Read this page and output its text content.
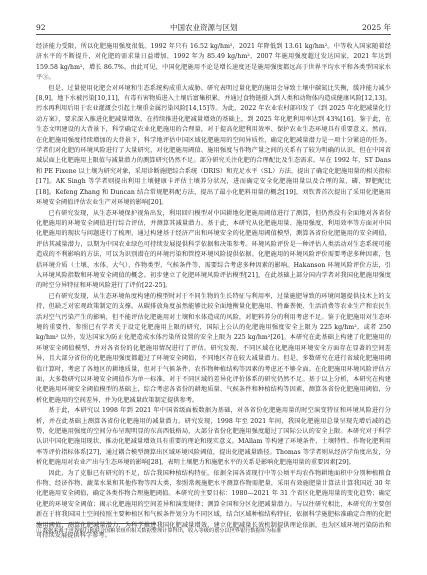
92	中国农业资源与区划	2025 年

经济能力受限，所以化肥施用强度很低。1992 年只有 16.52 kg/hm²，2021 年降低到 13.61 kg/hm²。中等收入国家随着经济水平的不断提升，对化肥的需求量日益增加，1992 年为 85.49 kg/hm²，2007 年施用强度超过发达国家，2021 年达到 159.58 kg/hm²，增长 86.7%。由此可见，中国化肥施用不论是增长速度还是施用强度都远高于世界平均水平和各类型国家水平③。

但是，过量使用化肥会对环境和生态系统构成重大威胁。研究表明过量化肥的施用会导致土壤中碳氮比失衡，缓冲能力减少[8,9]，地下水被污染[10,11]，有毒有害物质进入土壤后富集积累，并通过食物链摄入到人类和动物体内造成健康风险[12,13]。污水再利用后用于农业灌溉会引起土壤重金属污染风险[14,15]等。为此，2022 年农业农村部印发了《到 2025 年化肥减量化行动方案》，要求深入推进化肥减量增效，在持续推进化肥减量增效的基础上，到 2025 年化肥利用率达到 43%[16]。鉴于此，在生态文明建设的大背景下，科学确定农业化肥施用的合理量，对于提高化肥利用效率、保护农业生态环境具有重要意义。然而，在化肥施用强度持续增加的大背景下，科学地评估中国区域化肥施用的空间异质性、确定化肥减量潜力是一项十分紧迫的任务。学者们对化肥的环境风险进行了大量研究，对化肥施用阈值、施用强度与作物产量之间的关系有了较为明确的认识，但在中国省域层面上化肥施用上限值与减量潜力的测算研究仍然不足。部分研究关注化肥的合理配比及生态需求。早在 1992 年，ST Dans 和 PE Fixene 以土壤为研究对象，采用诊断施肥综合系统（DRIS）和充足水平（SL）方法，提出了确定化肥施用量的相关指标[17]。AK Singh 等学者则提出利用土壤健康卡评估土壤养分状况，进而确定安全化肥施用量以及合理的氮、磷、钾肥配比[18]。Kefeng Zhang 和 Duncan 结合常规肥料配方法，提出了最小化肥料用量的概念[19]，刘钦普首次提出了采用化肥施用环境安全阈值评估农业生产对环境的影响[20]。

已有研究发现，从生态环境保护视角出发，利用回归模型对中国耕地化肥施用阈值进行了测算，但仍然没有全面地对各省份化肥施用的环境安全阈值进行综合评估，并测算其减量潜力。基于此，本研究从化肥施用量、施用强度、利用效率等方面对中国化肥施用的现状与问题进行了梳理，通过构建基于经济产出和环境安全的化肥施用阈值模型，测算各省份化肥施用的安全阈值，评估其减量潜力，以期为中国农业绿色可持续发展提供科学依据和决策参考。环境风险评价是一种评估人类活动对生态系统可能造成的不利影响的方法，可以为识别潜在的环境污染和管控环境风险提供依据。化肥施用的环境风险评价需要考虑多种因素，包括环境介质（土壤、水体、大气）、作物类型、气候条件等，需要综合考虑多种因素的影响。Hakanson 环境风险评价方法，引入环境风险指数和环境安全阈值的概念。初步建立了化肥环境风险评估模型[21]，在此基础上部分国内学者对我国化肥施用强度的时空分异特征和环境风险进行了评价[22-25]。

已有研究发现，从生态环境角度构建的模型时对于不同生物的生长特征与利用率，过量施肥导致的环境问题提供技术上的支持，但缺乏对宏观政策制定的支撑。从碳排放角度虽然能够比较全面地衡量化肥施用、牲畜粪便、生活消费等农业生产和农民生活对空气污染产生的影响，但不能评估化肥施用对土壤和水体造成的风险，对肥料养分的利用考虑不足。鉴于化肥施用对生态环境的重要性，参照已有学者关于设定化肥施用上限的研究，国际上公认的化肥施用强度安全上限为 225 kg/hm²，或者 250 kg/hm² 以外，发达国家为防止化肥造成水体污染所设置的安全上限为 225 kg/hm²[26]。本研究在此基础上构建了化肥施用的环境安全阈值模型，并对各省份的化肥施用情况进行了评估。研究发现，不同区域在化肥施用环境安全方面存在显著的空间差异，且大部分省份的化肥施用强度都超过了环境安全阈值，不同地区存在较大减量潜力。但是，多数研究在进行省域化肥施用阈值计算时，考虑了各地区的耕地质量，但对于气候条件、农作物种植结构等因素的考虑还不够全面。在化肥施用环境风险评估方面，大多数研究以环境安全阈值作为单一标准，对于不同区域的差异化评价体系的研究仍然不足。基于以上分析，本研究在构建化肥施用环境安全阈值模型的基础上，综合考虑各省份的耕地质量、气候条件和种植结构等因素，测算各省份化肥施用阈值，分析化肥施用的空间差异，并为化肥减量政策制定提供参考。

基于此，本研究以 1998 年到 2021 年中国省级面板数据为基础，对各省份化肥施用量的时空演变特征和环境风险进行分析，并在此基础上测算各省份化肥施用的减量潜力。研究发现，1998 年至 2021 年间，我国化肥施用总量呈现先增后减的趋势，化肥施用强度的空间分布呈现明显的东高西低格局，大部分省份化肥施用强度超过了国际公认的安全上限。本研究对于科学认识中国化肥施用现状、推动化肥减量增效具有重要的理论和现实意义。MAllam 等构建了环境条件、土壤特性、作物化肥利用率等评价指标体系[27]，通过耦合模型测算出区域环境风险阈值，提出化肥减量路径。Thomas 等学者则从经济学角度出发，分析化肥施用对农业产出与生态环境的影响[28]，表明土壤肥力和施肥水平的关系是影响化肥施用量的重要因素[29]。

因此，为了克服已有研究的不足，结合我国种植结构特征，依据全国各省现行中等公顷平均农作物耕地面积中分别种植粮食作物、经济作物、蔬菜水果和其他作物等四大类，参照常规施肥水平测算作物需肥量，采用有效施肥量计算法计算我国近 30 年化肥施用安全阈值，确定各类作物合理施肥阈值。本研究的主要目标：1980—2021 年 31 个省区化肥施用量的变化趋势；确定化肥的环境安全阈值；揭示化肥施用的空间差异和演变规律；测算全国和分区化肥减量潜力。与以往研究相比，本研究的主要创新在于将我国国土空间按照主要种植区和气候条件划分为不同区域，结合区域种植结构特征，依据科学施肥标准确定合理的化肥施用阈值，测算化肥减量潜力，为科学推进我国化肥减量增效、建立化肥减量长效机制提供理论依据，也为区域环境污染防治和可持续发展提供科学参考。

① 数据来源于世界银行和联合国粮农组织相关数据整理计算得出，收入等级的划分以世界银行数据库为标准
